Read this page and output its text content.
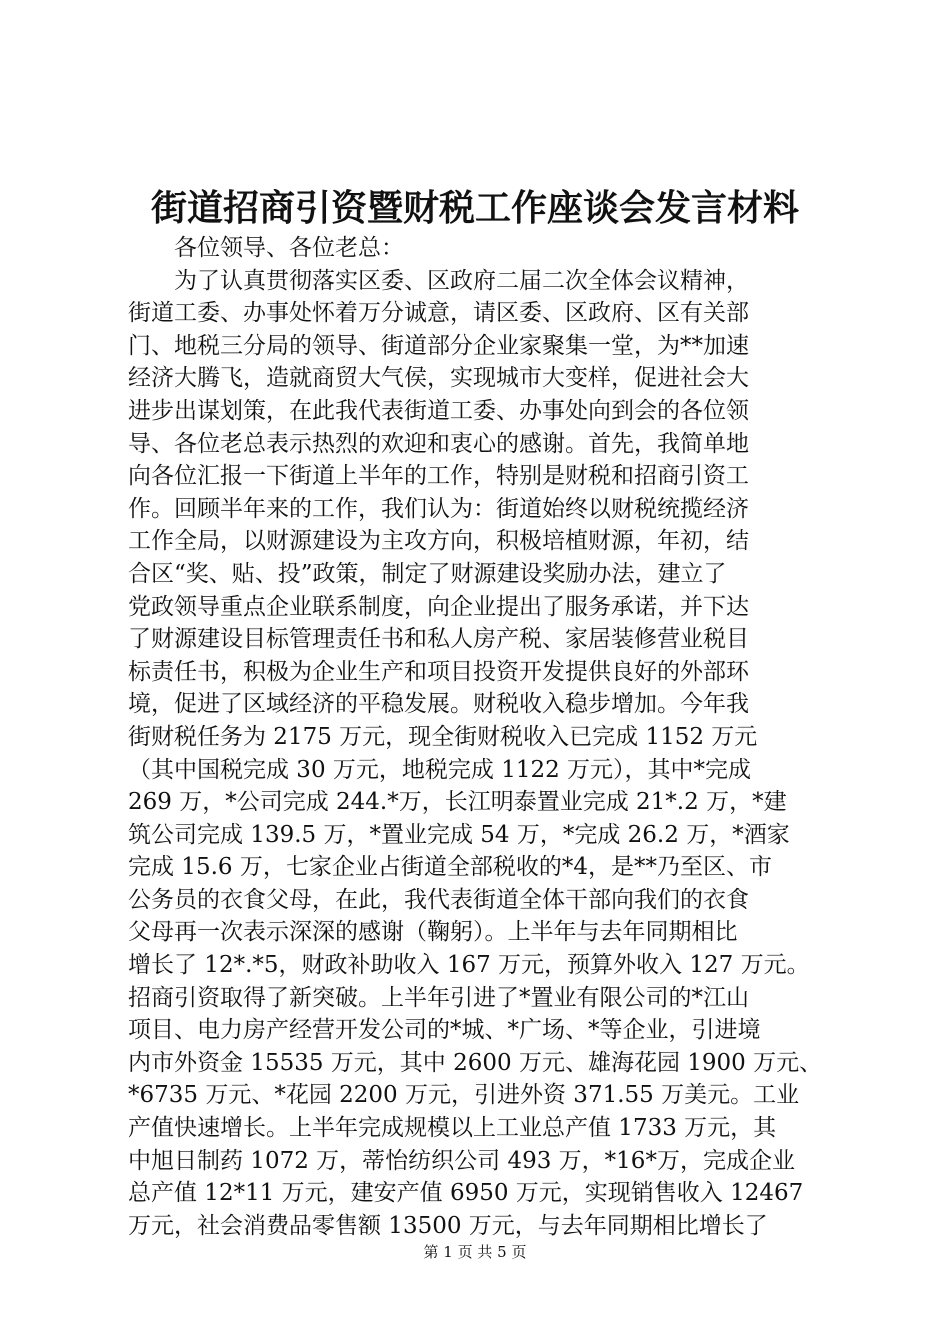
街道招商引资暨财税工作座谈会发言材料
　　各位领导、各位老总：
　　为了认真贯彻落实区委、区政府二届二次全体会议精神，
街道工委、办事处怀着万分诚意，请区委、区政府、区有关部
门、地税三分局的领导、街道部分企业家聚集一堂，为**加速
经济大腾飞，造就商贸大气侯，实现城市大变样，促进社会大
进步出谋划策，在此我代表街道工委、办事处向到会的各位领
导、各位老总表示热烈的欢迎和衷心的感谢。首先，我简单地
向各位汇报一下街道上半年的工作，特别是财税和招商引资工
作。回顾半年来的工作，我们认为：街道始终以财税统揽经济
工作全局，以财源建设为主攻方向，积极培植财源，年初，结
合区“奖、贴、投”政策，制定了财源建设奖励办法，建立了
党政领导重点企业联系制度，向企业提出了服务承诺，并下达
了财源建设目标管理责任书和私人房产税、家居装修营业税目
标责任书，积极为企业生产和项目投资开发提供良好的外部环
境，促进了区域经济的平稳发展。财税收入稳步增加。今年我
街财税任务为 2175 万元，现全街财税收入已完成 1152 万元
（其中国税完成 30 万元，地税完成 1122 万元），其中*完成
269 万，*公司完成 244.*万，长江明泰置业完成 21*.2 万，*建
筑公司完成 139.5 万，*置业完成 54 万，*完成 26.2 万，*酒家
完成 15.6 万，七家企业占街道全部税收的*4，是**乃至区、市
公务员的衣食父母，在此，我代表街道全体干部向我们的衣食
父母再一次表示深深的感谢（鞠躬）。上半年与去年同期相比
增长了 12*.*5，财政补助收入 167 万元，预算外收入 127 万元。
招商引资取得了新突破。上半年引进了*置业有限公司的*江山
项目、电力房产经营开发公司的*城、*广场、*等企业，引进境
内市外资金 15535 万元，其中 2600 万元、雄海花园 1900 万元、
*6735 万元、*花园 2200 万元，引进外资 371.55 万美元。工业
产值快速增长。上半年完成规模以上工业总产值 1733 万元，其
中旭日制药 1072 万，蒂怡纺织公司 493 万，*16*万，完成企业
总产值 12*11 万元，建安产值 6950 万元，实现销售收入 12467
万元，社会消费品零售额 13500 万元，与去年同期相比增长了
第 1 页 共 5 页
